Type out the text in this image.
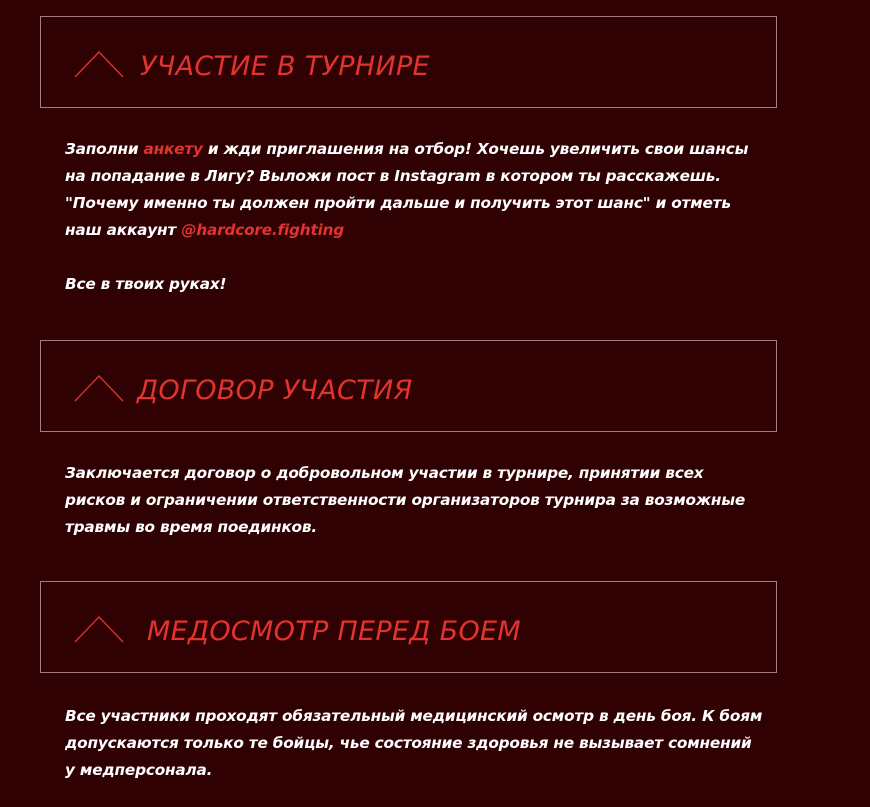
УЧАСТИЕ В ТУРНИРЕ

Заполни анкету и жди приглашения на отбор! Хочешь увеличить свои шансы на попадание в Лигу? Выложи пост в Instagram в котором ты расскажешь. "Почему именно ты должен пройти дальше и получить этот шанс" и отметь наш аккаунт @hardcore.fighting

Все в твоих руках!

ДОГОВОР УЧАСТИЯ

Заключается договор о добровольном участии в турнире, принятии всех рисков и ограничении ответственности организаторов турнира за возможные травмы во время поединков.

МЕДОСМОТР ПЕРЕД БОЕМ

Все участники проходят обязательный медицинский осмотр в день боя. К боям допускаются только те бойцы, чье состояние здоровья не вызывает сомнений у медперсонала.
